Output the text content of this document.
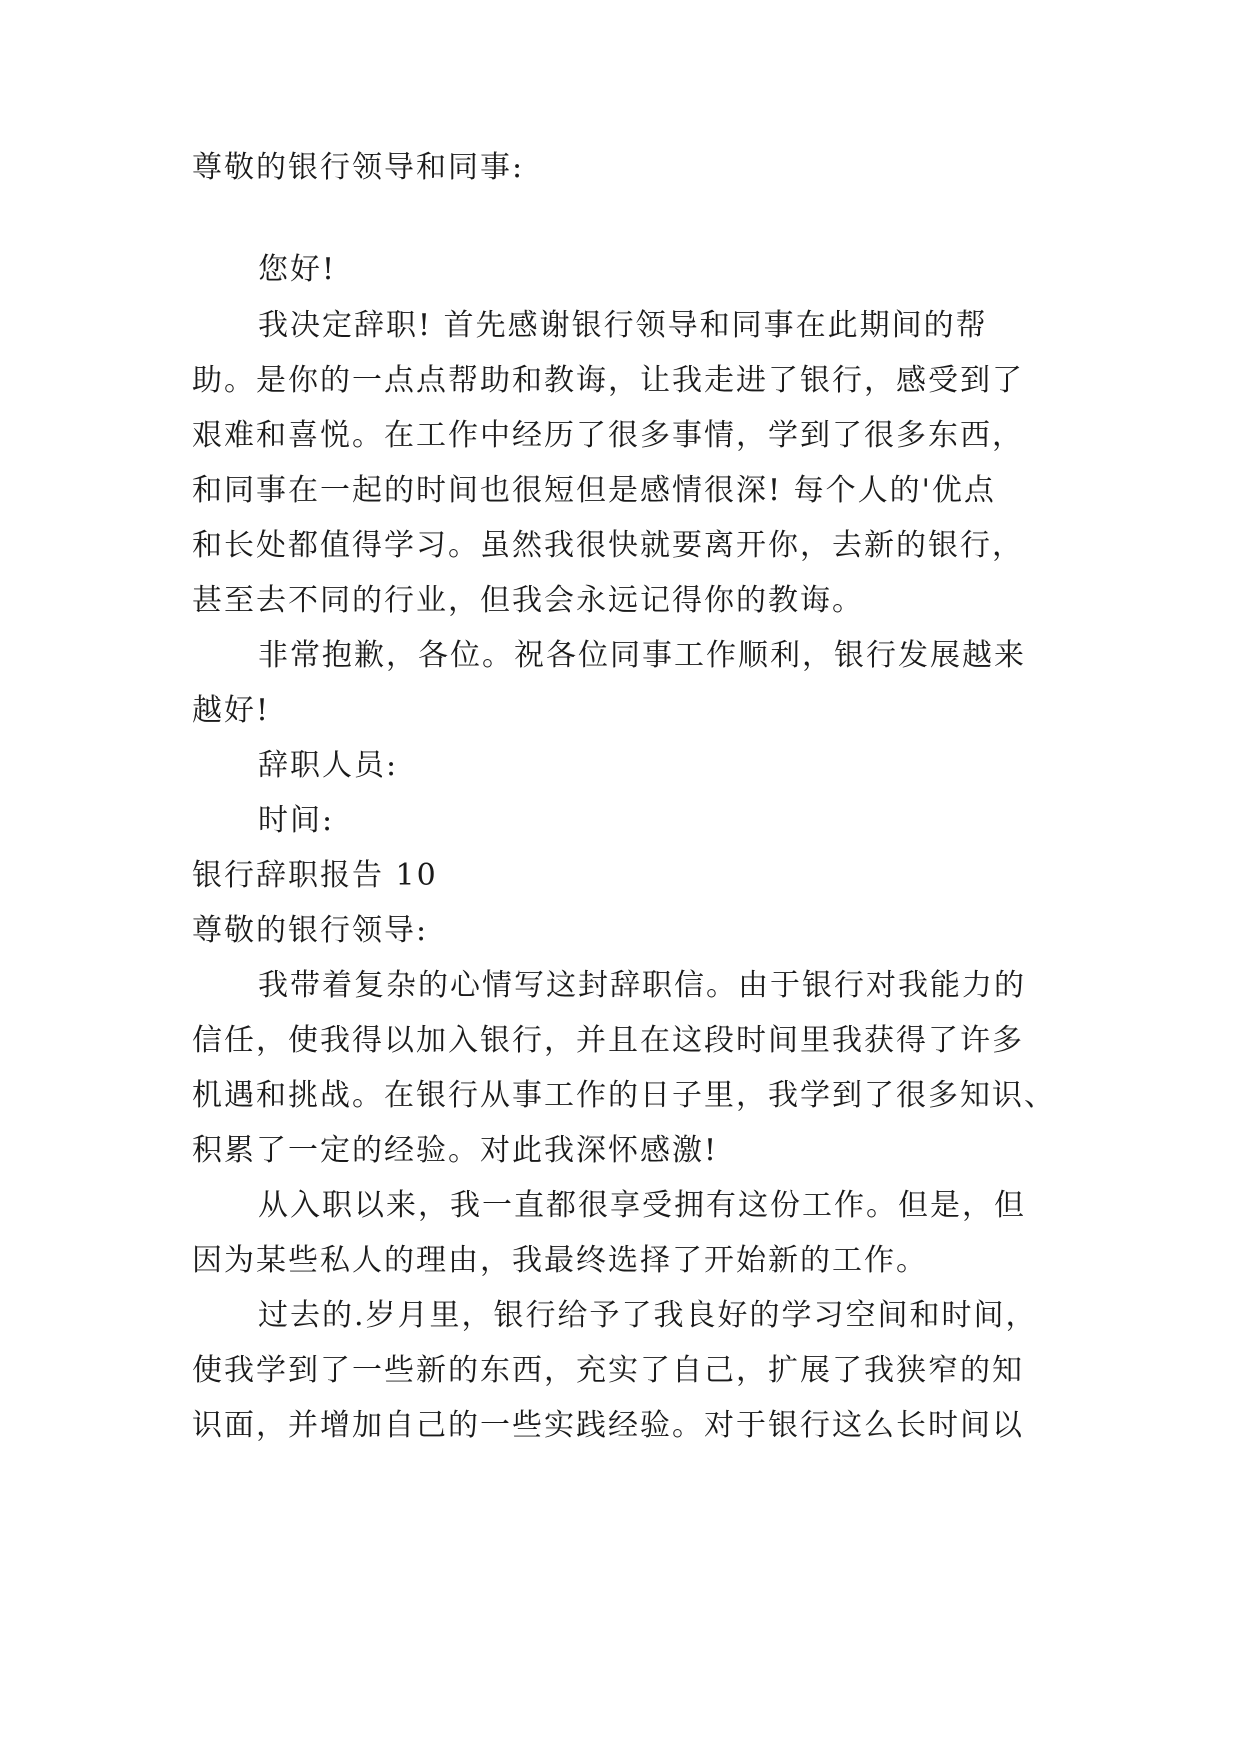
尊敬的银行领导和同事:
您好!
我决定辞职! 首先感谢银行领导和同事在此期间的帮
助。是你的一点点帮助和教诲，让我走进了银行，感受到了
艰难和喜悦。在工作中经历了很多事情，学到了很多东西，
和同事在一起的时间也很短但是感情很深! 每个人的'优点
和长处都值得学习。虽然我很快就要离开你，去新的银行，
甚至去不同的行业，但我会永远记得你的教诲。
非常抱歉，各位。祝各位同事工作顺利，银行发展越来
越好!
辞职人员:
时间:
银行辞职报告 10
尊敬的银行领导:
我带着复杂的心情写这封辞职信。由于银行对我能力的
信任，使我得以加入银行，并且在这段时间里我获得了许多
机遇和挑战。在银行从事工作的日子里，我学到了很多知识、
积累了一定的经验。对此我深怀感激!
从入职以来，我一直都很享受拥有这份工作。但是，但
因为某些私人的理由，我最终选择了开始新的工作。
过去的.岁月里，银行给予了我良好的学习空间和时间，
使我学到了一些新的东西，充实了自己，扩展了我狭窄的知
识面，并增加自己的一些实践经验。对于银行这么长时间以
